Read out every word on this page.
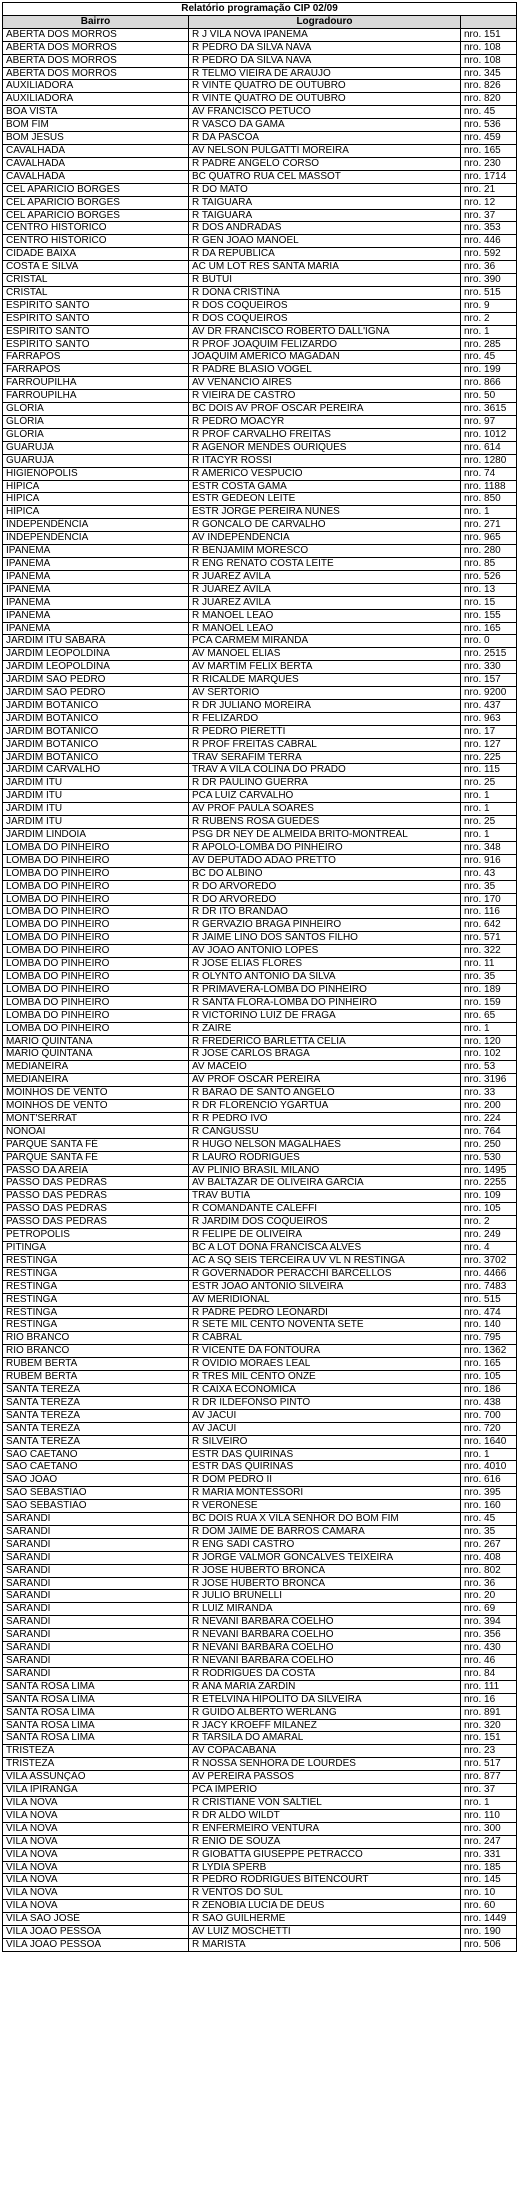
Relatório programação CIP 02/09		
Bairro	Logradouro	
ABERTA DOS MORROS	R J VILA NOVA IPANEMA	nro. 151
ABERTA DOS MORROS	R PEDRO DA SILVA NAVA	nro. 108
ABERTA DOS MORROS	R PEDRO DA SILVA NAVA	nro. 108
ABERTA DOS MORROS	R TELMO VIEIRA DE ARAUJO	nro. 345
AUXILIADORA	R VINTE QUATRO DE OUTUBRO	nro. 826
AUXILIADORA	R VINTE QUATRO DE OUTUBRO	nro. 820
BOA VISTA	AV FRANCISCO PETUCO	nro. 45
BOM FIM	R VASCO DA GAMA	nro. 536
BOM JESUS	R DA PASCOA	nro. 459
CAVALHADA	AV NELSON PULGATTI MOREIRA	nro. 165
CAVALHADA	R PADRE ANGELO CORSO	nro. 230
CAVALHADA	BC QUATRO RUA CEL MASSOT	nro. 1714
CEL APARICIO BORGES	R DO MATO	nro. 21
CEL APARICIO BORGES	R TAIGUARA	nro. 12
CEL APARICIO BORGES	R TAIGUARA	nro. 37
CENTRO HISTÓRICO	R DOS ANDRADAS	nro. 353
CENTRO HISTÓRICO	R GEN JOAO MANOEL	nro. 446
CIDADE BAIXA	R DA REPUBLICA	nro. 592
COSTA E SILVA	AC UM LOT RES SANTA MARIA	nro. 36
CRISTAL	R BUTUI	nro. 390
CRISTAL	R DONA CRISTINA	nro. 515
ESPÍRITO SANTO	R DOS COQUEIROS	nro. 9
ESPÍRITO SANTO	R DOS COQUEIROS	nro. 2
ESPÍRITO SANTO	AV DR FRANCISCO ROBERTO DALL'IGNA	nro. 1
ESPÍRITO SANTO	R PROF JOAQUIM FELIZARDO	nro. 285
FARRAPOS	JOAQUIM AMERICO MAGADAN	nro. 45
FARRAPOS	R PADRE BLASIO VOGEL	nro. 199
FARROUPILHA	AV VENANCIO AIRES	nro. 866
FARROUPILHA	R VIEIRA DE CASTRO	nro. 50
GLÓRIA	BC DOIS AV PROF OSCAR PEREIRA	nro. 3615
GLÓRIA	R PEDRO MOACYR	nro. 97
GLÓRIA	R PROF CARVALHO FREITAS	nro. 1012
GUARUJÁ	R AGENOR MENDES OURIQUES	nro. 614
GUARUJÁ	R ITACYR ROSSI	nro. 1280
HIGIENÓPOLIS	R AMERICO VESPUCIO	nro. 74
HÍPICA	ESTR COSTA GAMA	nro. 1188
HÍPICA	ESTR GEDEON LEITE	nro. 850
HÍPICA	ESTR JORGE PEREIRA NUNES	nro. 1
INDEPENDÊNCIA	R GONCALO DE CARVALHO	nro. 271
INDEPENDÊNCIA	AV INDEPENDENCIA	nro. 965
IPANEMA	R BENJAMIM MORESCO	nro. 280
IPANEMA	R ENG RENATO COSTA LEITE	nro. 85
IPANEMA	R JUAREZ AVILA	nro. 526
IPANEMA	R JUAREZ AVILA	nro. 13
IPANEMA	R JUAREZ AVILA	nro. 15
IPANEMA	R MANOEL LEAO	nro. 155
IPANEMA	R MANOEL LEAO	nro. 165
JARDIM ITU SABARÁ	PCA CARMEM MIRANDA	nro. 0
JARDIM LEOPOLDINA	AV MANOEL ELIAS	nro. 2515
JARDIM LEOPOLDINA	AV MARTIM FELIX BERTA	nro. 330
JARDIM SÃO PEDRO	R RICALDE MARQUES	nro. 157
JARDIM SÃO PEDRO	AV SERTORIO	nro. 9200
JARDIM BOTÂNICO	R DR JULIANO MOREIRA	nro. 437
JARDIM BOTÂNICO	R FELIZARDO	nro. 963
JARDIM BOTÂNICO	R PEDRO PIERETTI	nro. 17
JARDIM BOTÂNICO	R PROF FREITAS CABRAL	nro. 127
JARDIM BOTÂNICO	TRAV SERAFIM TERRA	nro. 225
JARDIM CARVALHO	TRAV A VILA COLINA DO PRADO	nro. 115
JARDIM ITU	R DR PAULINO GUERRA	nro. 25
JARDIM ITU	PCA LUIZ CARVALHO	nro. 1
JARDIM ITU	AV PROF PAULA SOARES	nro. 1
JARDIM ITU	R RUBENS ROSA GUEDES	nro. 25
JARDIM LINDOIA	PSG DR NEY DE ALMEIDA BRITO-MONTREAL	nro. 1
LOMBA DO PINHEIRO	R APOLO-LOMBA DO PINHEIRO	nro. 348
LOMBA DO PINHEIRO	AV DEPUTADO ADAO PRETTO	nro. 916
LOMBA DO PINHEIRO	BC DO ALBINO	nro. 43
LOMBA DO PINHEIRO	R DO ARVOREDO	nro. 35
LOMBA DO PINHEIRO	R DO ARVOREDO	nro. 170
LOMBA DO PINHEIRO	R DR ITO BRANDAO	nro. 116
LOMBA DO PINHEIRO	R GERVAZIO BRAGA PINHEIRO	nro. 642
LOMBA DO PINHEIRO	R JAIME LINO DOS SANTOS FILHO	nro. 571
LOMBA DO PINHEIRO	AV JOAO ANTONIO LOPES	nro. 322
LOMBA DO PINHEIRO	R JOSE ELIAS FLORES	nro. 11
LOMBA DO PINHEIRO	R OLYNTO ANTONIO DA SILVA	nro. 35
LOMBA DO PINHEIRO	R PRIMAVERA-LOMBA DO PINHEIRO	nro. 189
LOMBA DO PINHEIRO	R SANTA FLORA-LOMBA DO PINHEIRO	nro. 159
LOMBA DO PINHEIRO	R VICTORINO LUIZ DE FRAGA	nro. 65
LOMBA DO PINHEIRO	R ZAIRE	nro. 1
MARIO QUINTANA	R FREDERICO BARLETTA CELIA	nro. 120
MARIO QUINTANA	R JOSE CARLOS BRAGA	nro. 102
MEDIANEIRA	AV MACEIO	nro. 53
MEDIANEIRA	AV PROF OSCAR PEREIRA	nro. 3196
MOINHOS DE VENTO	R BARAO DE SANTO ANGELO	nro. 33
MOINHOS DE VENTO	R DR FLORENCIO YGARTUA	nro. 200
MONT'SERRAT	R R PEDRO IVO	nro. 224
NONOAI	R CANGUSSU	nro. 764
PARQUE SANTA FÉ	R HUGO NELSON MAGALHAES	nro. 250
PARQUE SANTA FÉ	R LAURO RODRIGUES	nro. 530
PASSO DA AREIA	AV PLINIO BRASIL MILANO	nro. 1495
PASSO DAS PEDRAS	AV BALTAZAR DE OLIVEIRA GARCIA	nro. 2255
PASSO DAS PEDRAS	TRAV BUTIA	nro. 109
PASSO DAS PEDRAS	R COMANDANTE CALEFFI	nro. 105
PASSO DAS PEDRAS	R JARDIM DOS COQUEIROS	nro. 2
PETRÓPOLIS	R FELIPE DE OLIVEIRA	nro. 249
PITINGA	BC A LOT DONA FRANCISCA ALVES	nro. 4
RESTINGA	AC A SQ SEIS TERCEIRA UV VL N RESTINGA	nro. 3702
RESTINGA	R GOVERNADOR PERACCHI BARCELLOS	nro. 4466
RESTINGA	ESTR JOAO ANTONIO SILVEIRA	nro. 7483
RESTINGA	AV MERIDIONAL	nro. 515
RESTINGA	R PADRE PEDRO LEONARDI	nro. 474
RESTINGA	R SETE MIL CENTO NOVENTA SETE	nro. 140
RIO BRANCO	R CABRAL	nro. 795
RIO BRANCO	R VICENTE DA FONTOURA	nro. 1362
RUBEM BERTA	R OVIDIO MORAES LEAL	nro. 165
RUBEM BERTA	R TRES MIL CENTO ONZE	nro. 105
SANTA TEREZA	R CAIXA ECONOMICA	nro. 186
SANTA TEREZA	R DR ILDEFONSO PINTO	nro. 438
SANTA TEREZA	AV JACUI	nro. 700
SANTA TEREZA	AV JACUI	nro. 720
SANTA TEREZA	R SILVEIRO	nro. 1640
SÃO CAETANO	ESTR DAS QUIRINAS	nro. 1
SÃO CAETANO	ESTR DAS QUIRINAS	nro. 4010
SÃO JOÃO	R DOM PEDRO II	nro. 616
SÃO SEBASTIÃO	R MARIA MONTESSORI	nro. 395
SÃO SEBASTIÃO	R VERONESE	nro. 160
SARANDI	BC DOIS RUA X VILA SENHOR DO BOM FIM	nro. 45
SARANDI	R DOM JAIME DE BARROS CAMARA	nro. 35
SARANDI	R ENG SADI CASTRO	nro. 267
SARANDI	R JORGE VALMOR GONCALVES TEIXEIRA	nro. 408
SARANDI	R JOSE HUBERTO BRONCA	nro. 802
SARANDI	R JOSE HUBERTO BRONCA	nro. 36
SARANDI	R JULIO BRUNELLI	nro. 20
SARANDI	R LUIZ MIRANDA	nro. 69
SARANDI	R NEVANI BARBARA COELHO	nro. 394
SARANDI	R NEVANI BARBARA COELHO	nro. 356
SARANDI	R NEVANI BARBARA COELHO	nro. 430
SARANDI	R NEVANI BARBARA COELHO	nro. 46
SARANDI	R RODRIGUES DA COSTA	nro. 84
SANTA ROSA LIMA	R ANA MARIA ZARDIN	nro. 111
SANTA ROSA LIMA	R ETELVINA HIPOLITO DA SILVEIRA	nro. 16
SANTA ROSA LIMA	R GUIDO ALBERTO WERLANG	nro. 891
SANTA ROSA LIMA	R JACY KROEFF MILANEZ	nro. 320
SANTA ROSA LIMA	R TARSILA DO AMARAL	nro. 151
TRISTEZA	AV COPACABANA	nro. 23
TRISTEZA	R NOSSA SENHORA DE LOURDES	nro. 517
VILA ASSUNÇÃO	AV PEREIRA PASSOS	nro. 877
VILA IPIRANGA	PCA IMPERIO	nro. 37
VILA NOVA	R CRISTIANE VON SALTIEL	nro. 1
VILA NOVA	R DR ALDO WILDT	nro. 110
VILA NOVA	R ENFERMEIRO VENTURA	nro. 300
VILA NOVA	R ENIO DE SOUZA	nro. 247
VILA NOVA	R GIOBATTA GIUSEPPE PETRACCO	nro. 331
VILA NOVA	R LYDIA SPERB	nro. 185
VILA NOVA	R PEDRO RODRIGUES BITENCOURT	nro. 145
VILA NOVA	R VENTOS DO SUL	nro. 10
VILA NOVA	R ZENOBIA LUCIA DE DEUS	nro. 60
VILA SÃO JOSÉ	R SAO GUILHERME	nro. 1449
VILA JOÃO PESSOA	AV LUIZ MOSCHETTI	nro. 190
VILA JOÃO PESSOA	R MARISTA	nro. 506
